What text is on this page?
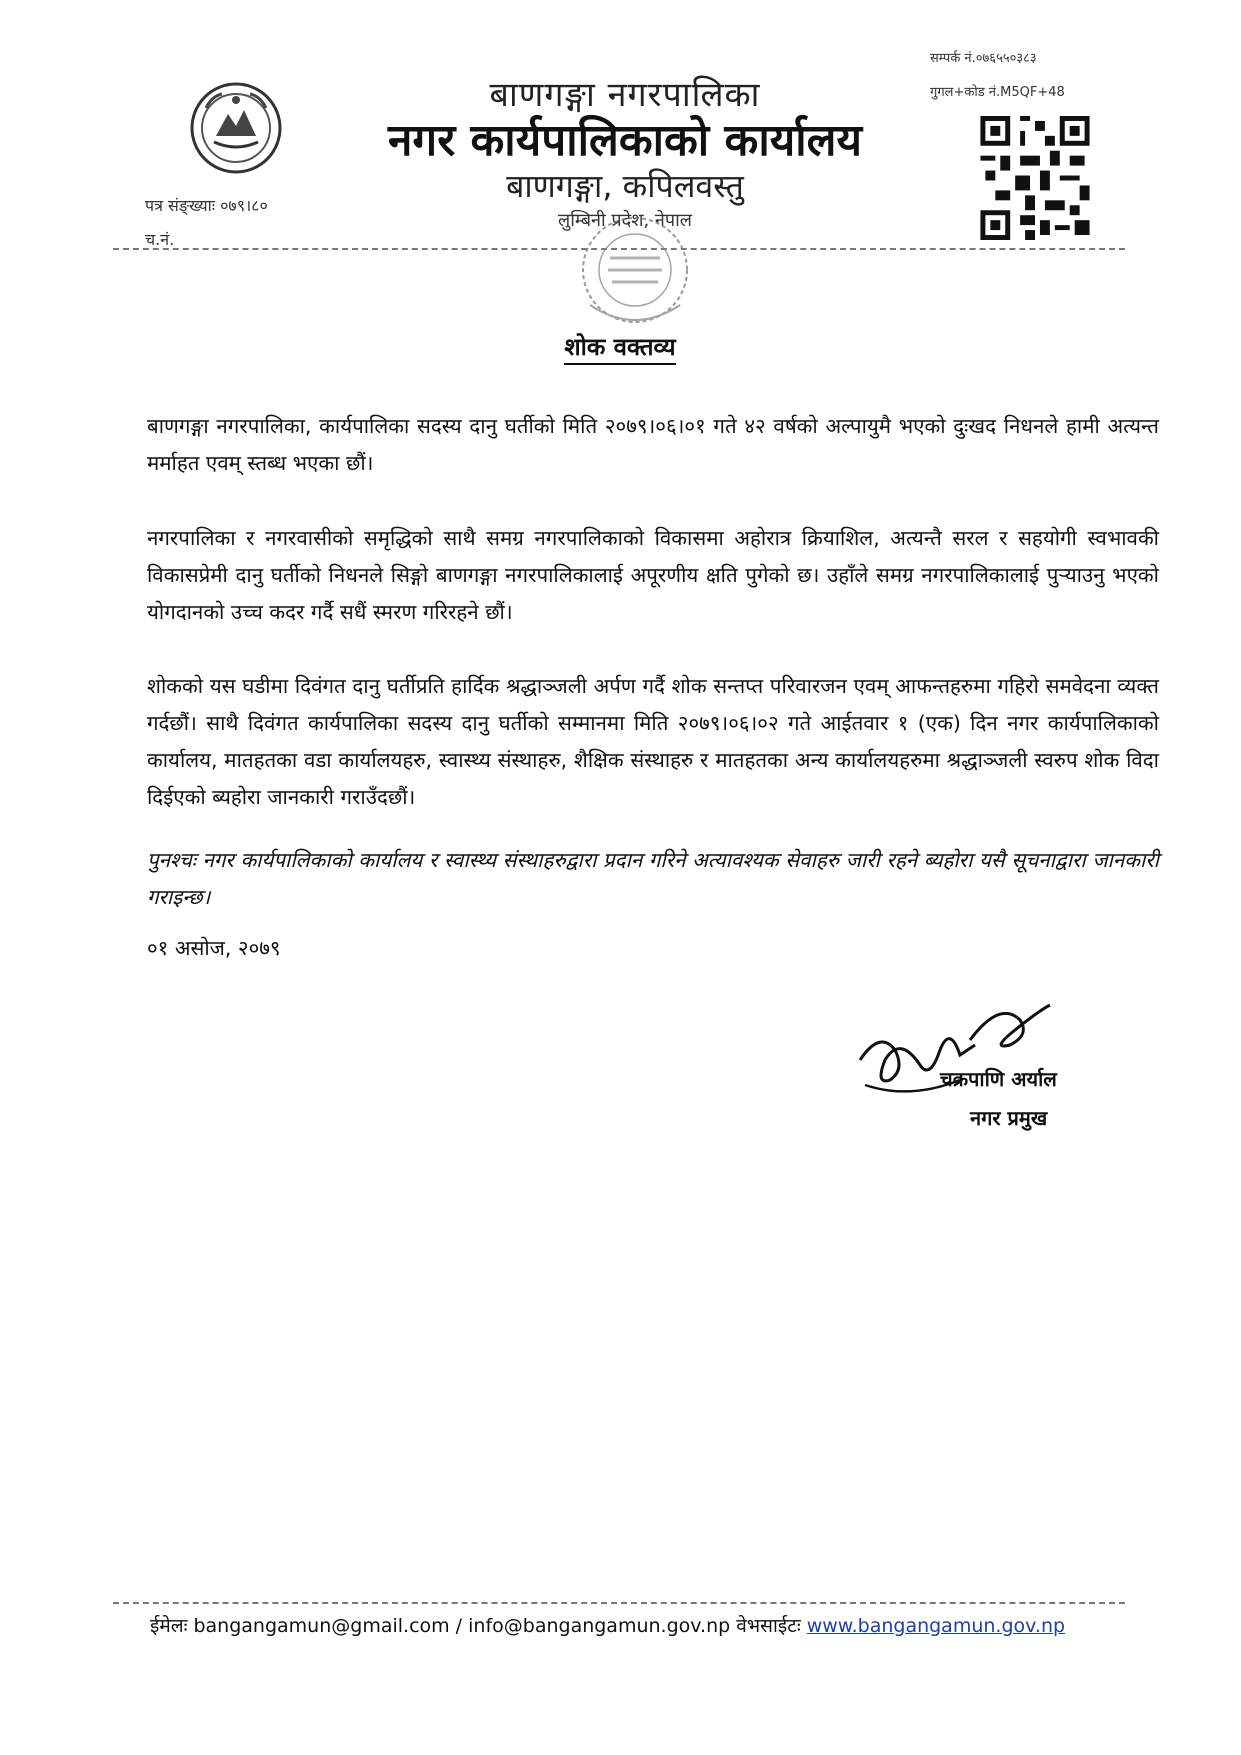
बाणगङ्गा नगरपालिका
नगर कार्यपालिकाको कार्यालय
बाणगङ्गा, कपिलवस्तु
लुम्बिनी प्रदेश, नेपाल
सम्पर्क नं.०७६५५०३८३
गुगल+कोड नं.M5QF+48
पत्र संङ्ख्याः ०७९।८०
च.नं.
शोक वक्तव्य
बाणगङ्गा नगरपालिका, कार्यपालिका सदस्य दानु घर्तीको मिति २०७९।०६।०१ गते ४२ वर्षको अल्पायुमै भएको दुःखद निधनले हामी अत्यन्त मर्माहत एवम् स्तब्ध भएका छौं।
नगरपालिका र नगरवासीको समृद्धिको साथै समग्र नगरपालिकाको विकासमा अहोरात्र क्रियाशिल, अत्यन्तै सरल र सहयोगी स्वभावकी विकासप्रेमी दानु घर्तीको निधनले सिङ्गो बाणगङ्गा नगरपालिकालाई अपूरणीय क्षति पुगेको छ। उहाँले समग्र नगरपालिकालाई पुऱ्याउनु भएको योगदानको उच्च कदर गर्दै सधैं स्मरण गरिरहने छौं।
शोकको यस घडीमा दिवंगत दानु घर्तीप्रति हार्दिक श्रद्धाञ्जली अर्पण गर्दै शोक सन्तप्त परिवारजन एवम् आफन्तहरुमा गहिरो समवेदना व्यक्त गर्दछौं। साथै दिवंगत कार्यपालिका सदस्य दानु घर्तीको सम्मानमा मिति २०७९।०६।०२ गते आईतवार १ (एक) दिन नगर कार्यपालिकाको कार्यालय, मातहतका वडा कार्यालयहरु, स्वास्थ्य संस्थाहरु, शैक्षिक संस्थाहरु र मातहतका अन्य कार्यालयहरुमा श्रद्धाञ्जली स्वरुप शोक विदा दिईएको ब्यहोरा जानकारी गराउँदछौं।
पुनश्चः नगर कार्यपालिकाको कार्यालय र स्वास्थ्य संस्थाहरुद्वारा प्रदान गरिने अत्यावश्यक सेवाहरु जारी रहने ब्यहोरा यसै सूचनाद्वारा जानकारी गराइन्छ।
०१ असोज, २०७९
चक्रपाणि अर्याल
नगर प्रमुख
ईमेलः bangangamun@gmail.com / info@bangangamun.gov.np वेभसाईटः www.bangangamun.gov.np
